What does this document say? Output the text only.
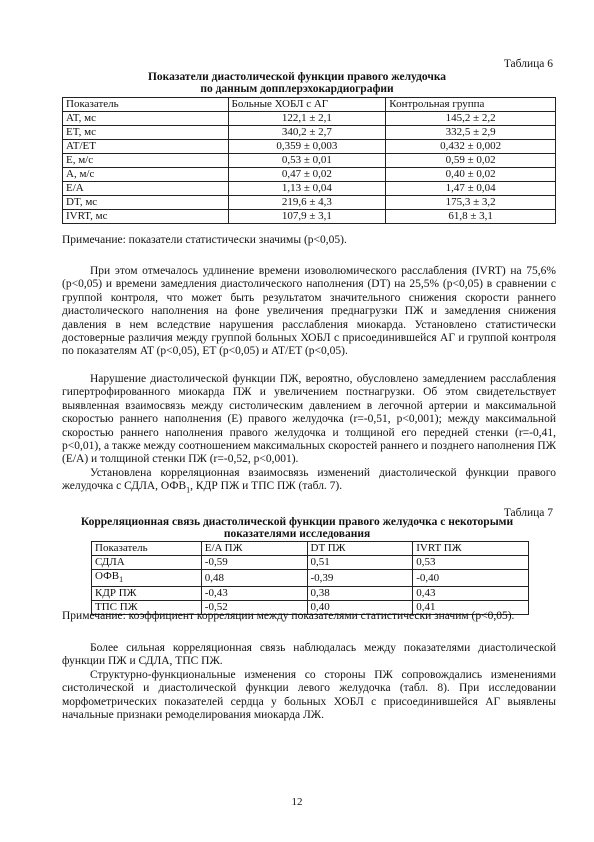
Таблица 6
Показатели диастолической функции правого желудочка
по данным допплерэхокардиографии
Показатель	Больные ХОБЛ с АГ	Контрольная группа
AT, мс	122,1 ± 2,1	145,2 ± 2,2
ET, мс	340,2 ± 2,7	332,5 ± 2,9
AT/ET	0,359 ± 0,003	0,432 ± 0,002
E, м/с	0,53 ± 0,01	0,59 ± 0,02
A, м/с	0,47 ± 0,02	0,40 ± 0,02
E/A	1,13 ± 0,04	1,47 ± 0,04
DT, мс	219,6 ± 4,3	175,3 ± 3,2
IVRT, мс	107,9 ± 3,1	61,8 ± 3,1
Примечание: показатели статистически значимы (p<0,05).

При этом отмечалось удлинение времени изоволюмического расслабления (IVRT) на 75,6% (p<0,05) и времени замедления диастолического наполнения (DT) на 25,5% (p<0,05) в сравнении с группой контроля, что может быть результатом значительного снижения скорости раннего диастолического наполнения на фоне увеличения преднагрузки ПЖ и замедления снижения давления в нем вследствие нарушения расслабления миокарда. Установлено статистически достоверные различия между группой больных ХОБЛ с присоединившейся АГ и группой контроля по показателям AT (p<0,05), ET (p<0,05) и AT/ET (p<0,05).

Нарушение диастолической функции ПЖ, вероятно, обусловлено замедлением расслабления гипертрофированного миокарда ПЖ и увеличением постнагрузки. Об этом свидетельствует выявленная взаимосвязь между систолическим давлением в легочной артерии и максимальной скоростью раннего наполнения (E) правого желудочка (r=-0,51, p<0,001); между максимальной скоростью раннего наполнения правого желудочка и толщиной его передней стенки (r=-0,41, p<0,01), а также между соотношением максимальных скоростей раннего и позднего наполнения ПЖ (E/A) и толщиной стенки ПЖ (r=-0,52, p<0,001).

Установлена корреляционная взаимосвязь изменений диастолической функции правого желудочка с СДЛА, $ОФВ_1$, КДР ПЖ и ТПС ПЖ (табл. 7).

Таблица 7
Корреляционная связь диастолической функции правого желудочка с некоторыми
показателями исследования
Показатель	E/A ПЖ	DT ПЖ	IVRT ПЖ
СДЛА	-0,59	0,51	0,53
$ОФВ_1$	0,48	-0,39	-0,40
КДР ПЖ	-0,43	0,38	0,43
ТПС ПЖ	-0,52	0,40	0,41
Примечание: коэффициент корреляции между показателями статистически значим (p<0,05).

Более сильная корреляционная связь наблюдалась между показателями диастолической функции ПЖ и СДЛА, ТПС ПЖ.

Структурно-функциональные изменения со стороны ПЖ сопровождались изменениями систолической и диастолической функции левого желудочка (табл. 8). При исследовании морфометрических показателей сердца у больных ХОБЛ с присоединившейся АГ выявлены начальные признаки ремоделирования миокарда ЛЖ.

12
